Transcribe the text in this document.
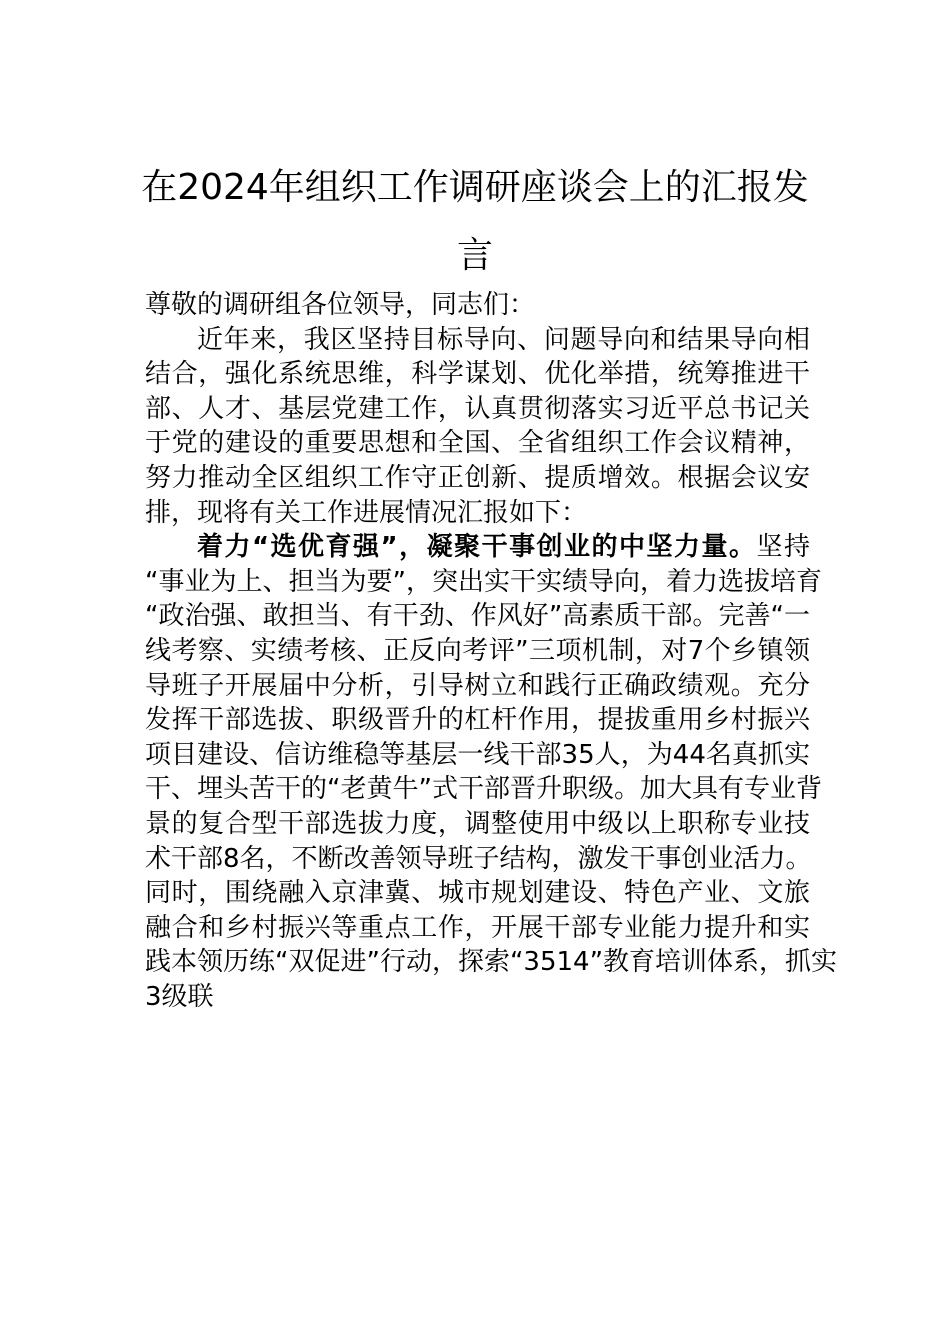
在2024年组织工作调研座谈会上的汇报发
言
尊敬的调研组各位领导，同志们：
近年来，我区坚持目标导向、问题导向和结果导向相
结合，强化系统思维，科学谋划、优化举措，统筹推进干
部、人才、基层党建工作，认真贯彻落实习近平总书记关
于党的建设的重要思想和全国、全省组织工作会议精神，
努力推动全区组织工作守正创新、提质增效。根据会议安
排，现将有关工作进展情况汇报如下：
着力“选优育强”，凝聚干事创业的中坚力量。坚持
“事业为上、担当为要”，突出实干实绩导向，着力选拔培育
“政治强、敢担当、有干劲、作风好”高素质干部。完善“一
线考察、实绩考核、正反向考评”三项机制，对7个乡镇领
导班子开展届中分析，引导树立和践行正确政绩观。充分
发挥干部选拔、职级晋升的杠杆作用，提拔重用乡村振兴
项目建设、信访维稳等基层一线干部35人，为44名真抓实
干、埋头苦干的“老黄牛”式干部晋升职级。加大具有专业背
景的复合型干部选拔力度，调整使用中级以上职称专业技
术干部8名，不断改善领导班子结构，激发干事创业活力。
同时，围绕融入京津冀、城市规划建设、特色产业、文旅
融合和乡村振兴等重点工作，开展干部专业能力提升和实
践本领历练“双促进”行动，探索“3514”教育培训体系，抓实
3级联
